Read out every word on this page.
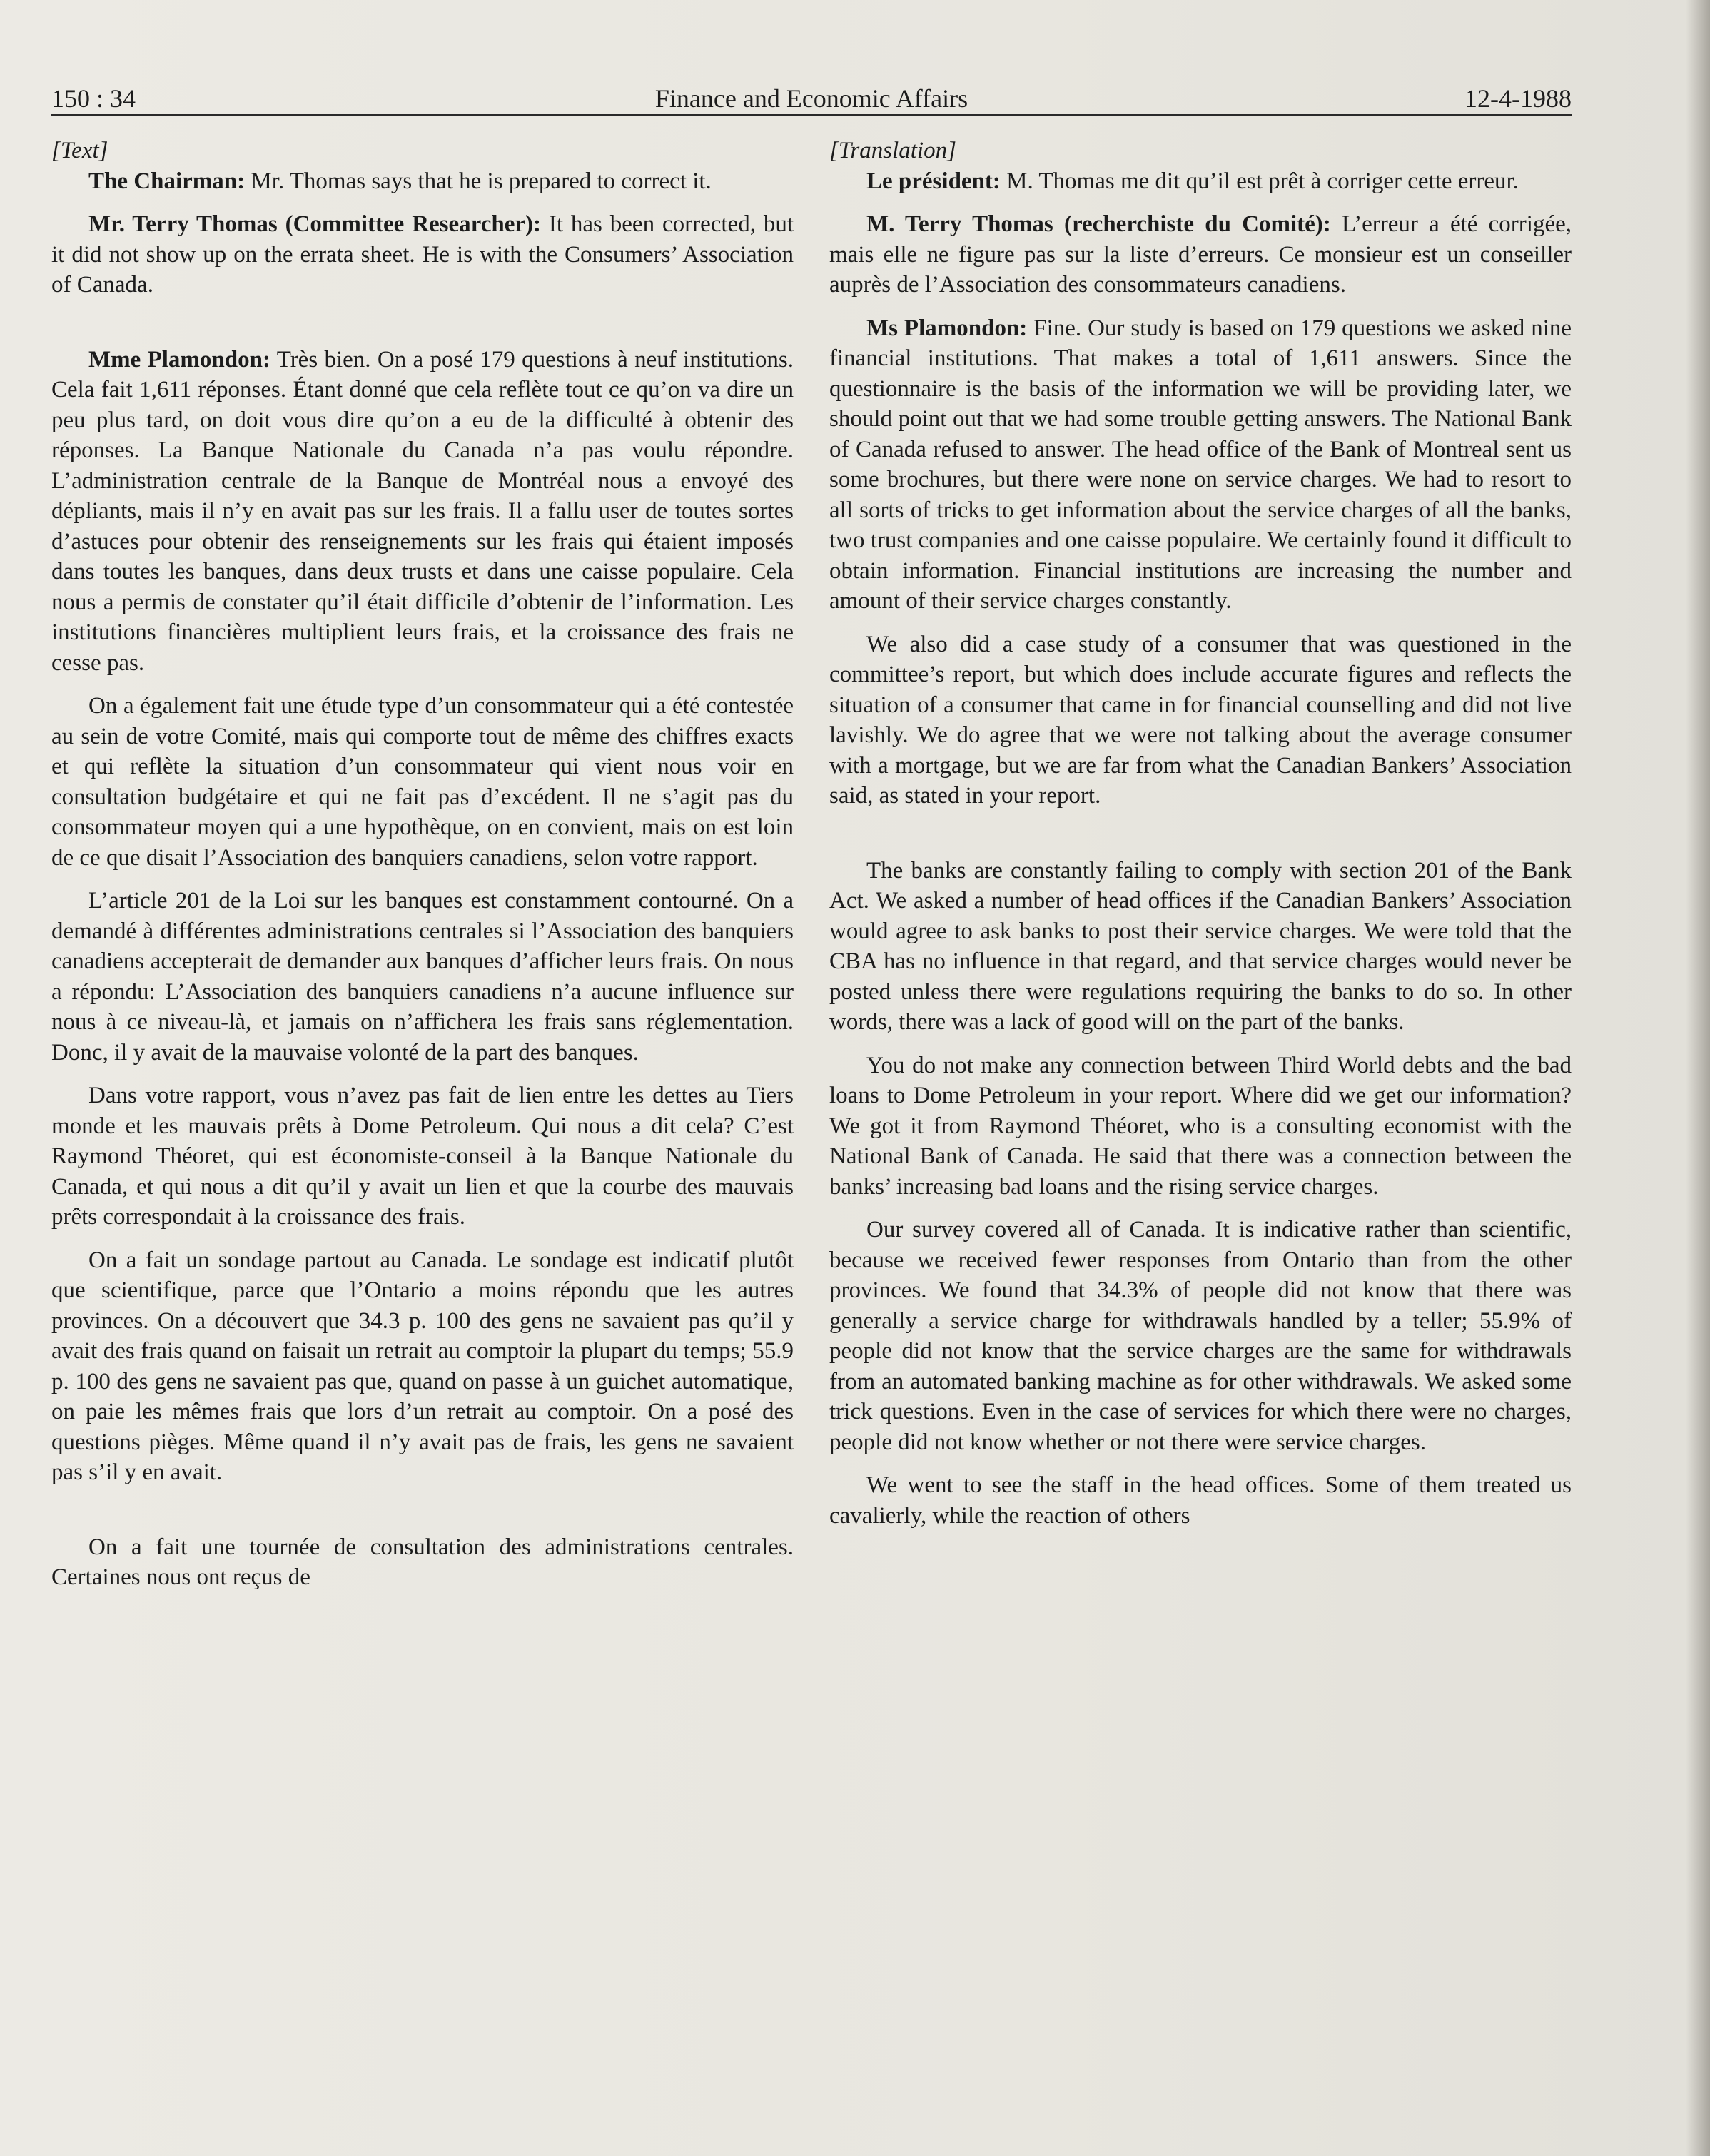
150 : 34	Finance and Economic Affairs	12-4-1988

[Text]

The Chairman: Mr. Thomas says that he is prepared to correct it.

Mr. Terry Thomas (Committee Researcher): It has been corrected, but it did not show up on the errata sheet. He is with the Consumers’ Association of Canada.

Mme Plamondon: Très bien. On a posé 179 questions à neuf institutions. Cela fait 1,611 réponses. Étant donné que cela reflète tout ce qu’on va dire un peu plus tard, on doit vous dire qu’on a eu de la difficulté à obtenir des réponses. La Banque Nationale du Canada n’a pas voulu répondre. L’administration centrale de la Banque de Montréal nous a envoyé des dépliants, mais il n’y en avait pas sur les frais. Il a fallu user de toutes sortes d’astuces pour obtenir des renseignements sur les frais qui étaient imposés dans toutes les banques, dans deux trusts et dans une caisse populaire. Cela nous a permis de constater qu’il était difficile d’obtenir de l’information. Les institutions financières multiplient leurs frais, et la croissance des frais ne cesse pas.

On a également fait une étude type d’un consommateur qui a été contestée au sein de votre Comité, mais qui comporte tout de même des chiffres exacts et qui reflète la situation d’un consommateur qui vient nous voir en consultation budgétaire et qui ne fait pas d’excédent. Il ne s’agit pas du consommateur moyen qui a une hypothèque, on en convient, mais on est loin de ce que disait l’Association des banquiers canadiens, selon votre rapport.

L’article 201 de la Loi sur les banques est constamment contourné. On a demandé à différentes administrations centrales si l’Association des banquiers canadiens accepterait de demander aux banques d’afficher leurs frais. On nous a répondu: L’Association des banquiers canadiens n’a aucune influence sur nous à ce niveau-là, et jamais on n’affichera les frais sans réglementation. Donc, il y avait de la mauvaise volonté de la part des banques.

Dans votre rapport, vous n’avez pas fait de lien entre les dettes au Tiers monde et les mauvais prêts à Dome Petroleum. Qui nous a dit cela? C’est Raymond Théoret, qui est économiste-conseil à la Banque Nationale du Canada, et qui nous a dit qu’il y avait un lien et que la courbe des mauvais prêts correspondait à la croissance des frais.

On a fait un sondage partout au Canada. Le sondage est indicatif plutôt que scientifique, parce que l’Ontario a moins répondu que les autres provinces. On a découvert que 34.3 p. 100 des gens ne savaient pas qu’il y avait des frais quand on faisait un retrait au comptoir la plupart du temps; 55.9 p. 100 des gens ne savaient pas que, quand on passe à un guichet automatique, on paie les mêmes frais que lors d’un retrait au comptoir. On a posé des questions pièges. Même quand il n’y avait pas de frais, les gens ne savaient pas s’il y en avait.

On a fait une tournée de consultation des administrations centrales. Certaines nous ont reçus de

[Translation]

Le président: M. Thomas me dit qu’il est prêt à corriger cette erreur.

M. Terry Thomas (recherchiste du Comité): L’erreur a été corrigée, mais elle ne figure pas sur la liste d’erreurs. Ce monsieur est un conseiller auprès de l’Association des consommateurs canadiens.

Ms Plamondon: Fine. Our study is based on 179 questions we asked nine financial institutions. That makes a total of 1,611 answers. Since the questionnaire is the basis of the information we will be providing later, we should point out that we had some trouble getting answers. The National Bank of Canada refused to answer. The head office of the Bank of Montreal sent us some brochures, but there were none on service charges. We had to resort to all sorts of tricks to get information about the service charges of all the banks, two trust companies and one caisse populaire. We certainly found it difficult to obtain information. Financial institutions are increasing the number and amount of their service charges constantly.

We also did a case study of a consumer that was questioned in the committee’s report, but which does include accurate figures and reflects the situation of a consumer that came in for financial counselling and did not live lavishly. We do agree that we were not talking about the average consumer with a mortgage, but we are far from what the Canadian Bankers’ Association said, as stated in your report.

The banks are constantly failing to comply with section 201 of the Bank Act. We asked a number of head offices if the Canadian Bankers’ Association would agree to ask banks to post their service charges. We were told that the CBA has no influence in that regard, and that service charges would never be posted unless there were regulations requiring the banks to do so. In other words, there was a lack of good will on the part of the banks.

You do not make any connection between Third World debts and the bad loans to Dome Petroleum in your report. Where did we get our information? We got it from Raymond Théoret, who is a consulting economist with the National Bank of Canada. He said that there was a connection between the banks’ increasing bad loans and the rising service charges.

Our survey covered all of Canada. It is indicative rather than scientific, because we received fewer responses from Ontario than from the other provinces. We found that 34.3% of people did not know that there was generally a service charge for withdrawals handled by a teller; 55.9% of people did not know that the service charges are the same for withdrawals from an automated banking machine as for other withdrawals. We asked some trick questions. Even in the case of services for which there were no charges, people did not know whether or not there were service charges.

We went to see the staff in the head offices. Some of them treated us cavalierly, while the reaction of others
